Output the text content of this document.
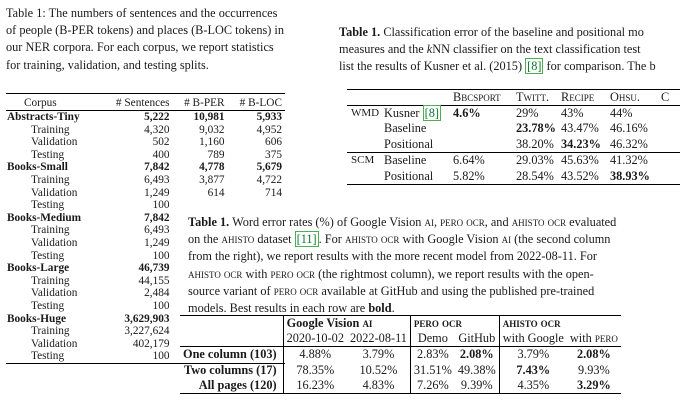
Table 1: The numbers of sentences and the occurrences
of people (B-PER tokens) and places (B-LOC tokens) in
our NER corpora. For each corpus, we report statistics
for training, validation, and testing splits.
Corpus	# Sentences	# B-PER	# B-LOC
Abstracts-Tiny	5,222	10,981	5,933
Training	4,320	9,032	4,952
Validation	502	1,160	606
Testing	400	789	375
Books-Small	7,842	4,778	5,679
Training	6,493	3,877	4,722
Validation	1,249	614	714
Testing	100		
Books-Medium	7,842		
Training	6,493		
Validation	1,249		
Testing	100		
Books-Large	46,739		
Training	44,155		
Validation	2,484		
Testing	100		
Books-Huge	3,629,903		
Training	3,227,624		
Validation	402,179		
Testing	100		
Table 1. Classification error of the baseline and positional mo
measures and the kNN classifier on the text classification test
list the results of Kusner et al. (2015) [8] for comparison. The b
		Bbcsport	Twitt.	Recipe	Ohsu.	C
WMD	Kusner [8]	4.6%	29%	43%	44%	
	Baseline		23.78%	43.47%	46.16%	
	Positional		38.20%	34.23%	46.32%	
SCM	Baseline	6.64%	29.03%	45.63%	41.32%	
	Positional	5.82%	28.54%	43.52%	38.93%	
Table 1. Word error rates (%) of Google Vision ai, pero ocr, and ahisto ocr evaluated
on the ahisto dataset [11] . For ahisto ocr with Google Vision ai (the second column
from the right), we report results with the more recent model from 2022-08-11. For
ahisto ocr with pero ocr (the rightmost column), we report results with the open-
source variant of pero ocr available at GitHub and using the published pre-trained
models. Best results in each row are bold.
	Google Vision ai		pero ocr		ahisto ocr	
	2020-10-02	2022-08-11	Demo	GitHub	with Google	with pero
One column (103)	4.88%	3.79%	2.83%	2.08%	3.79%	2.08%
Two columns (17)	78.35%	10.52%	31.51%	49.38%	7.43%	9.93%
All pages (120)	16.23%	4.83%	7.26%	9.39%	4.35%	3.29%
